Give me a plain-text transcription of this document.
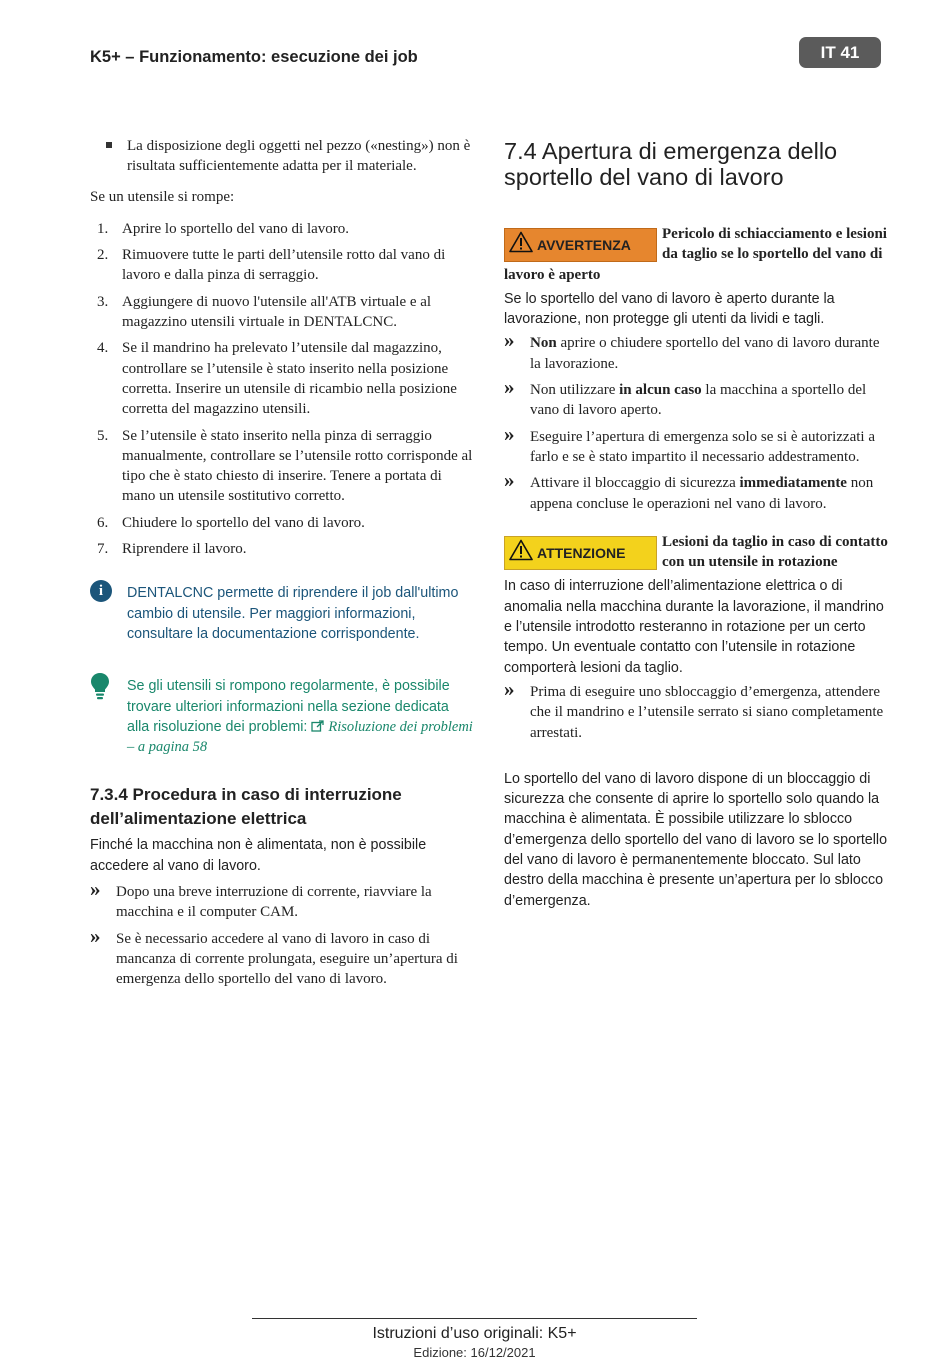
K5+ – Funzionamento: esecuzione dei job	IT 41
La disposizione degli oggetti nel pezzo («nesting») non è risultata sufficientemente adatta per il materiale.

Se un utensile si rompe:

1. Aprire lo sportello del vano di lavoro.
2. Rimuovere tutte le parti dell’utensile rotto dal vano di lavoro e dalla pinza di serraggio.
3. Aggiungere di nuovo l'utensile all'ATB virtuale e al magazzino utensili virtuale in DENTALCNC.
4. Se il mandrino ha prelevato l’utensile dal magazzino, controllare se l’utensile è stato inserito nella posizione corretta. Inserire un utensile di ricambio nella posizione corretta del magazzino utensili.
5. Se l’utensile è stato inserito nella pinza di serraggio manualmente, controllare se l’utensile rotto corrisponde al tipo che è stato chiesto di inserire. Tenere a portata di mano un utensile sostitutivo corretto.
6. Chiudere lo sportello del vano di lavoro.
7. Riprendere il lavoro.
i	DENTALCNC permette di riprendere il job dall'ultimo cambio di utensile. Per maggiori informazioni, consultare la documentazione corrispondente.
Se gli utensili si rompono regolarmente, è possibile trovare ulteriori informazioni nella sezione dedicata alla risoluzione dei problemi: Risoluzione dei problemi – a pagina 58
7.3.4 Procedura in caso di interruzione dell’alimentazione elettrica

Finché la macchina non è alimentata, non è possibile accedere al vano di lavoro.

» Dopo una breve interruzione di corrente, riavviare la macchina e il computer CAM.
» Se è necessario accedere al vano di lavoro in caso di mancanza di corrente prolungata, eseguire un’apertura di emergenza dello sportello del vano di lavoro.
7.4 Apertura di emergenza dello sportello del vano di lavoro
AVVERTENZA
Pericolo di schiacciamento e lesioni da taglio se lo sportello del vano di lavoro è aperto

Se lo sportello del vano di lavoro è aperto durante la lavorazione, non protegge gli utenti da lividi e tagli.

» Non aprire o chiudere sportello del vano di lavoro durante la lavorazione.
» Non utilizzare in alcun caso la macchina a sportello del vano di lavoro aperto.
» Eseguire l’apertura di emergenza solo se si è autorizzati a farlo e se è stato impartito il necessario addestramento.
» Attivare il bloccaggio di sicurezza immediatamente non appena concluse le operazioni nel vano di lavoro.
ATTENZIONE
Lesioni da taglio in caso di contatto con un utensile in rotazione

In caso di interruzione dell’alimentazione elettrica o di anomalia nella macchina durante la lavorazione, il mandrino e l’utensile introdotto resteranno in rotazione per un certo tempo. Un eventuale contatto con l’utensile in rotazione comporterà lesioni da taglio.

» Prima di eseguire uno sbloccaggio d’emergenza, attendere che il mandrino e l’utensile serrato si siano completamente arrestati.

Lo sportello del vano di lavoro dispone di un bloccaggio di sicurezza che consente di aprire lo sportello solo quando la macchina è alimentata. È possibile utilizzare lo sblocco d’emergenza dello sportello del vano di lavoro se lo sportello del vano di lavoro è permanentemente bloccato. Sul lato destro della macchina è presente un’apertura per lo sblocco d’emergenza.

Istruzioni d’uso originali: K5+
Edizione: 16/12/2021
